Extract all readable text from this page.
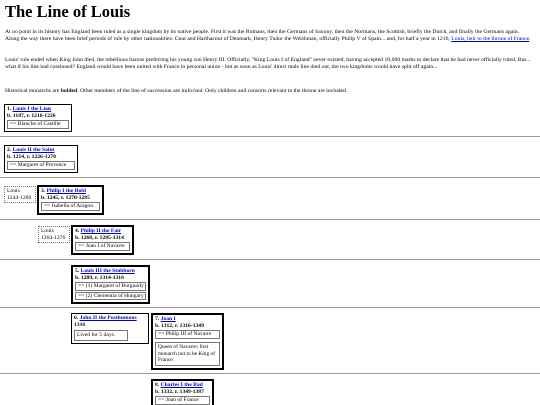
The Line of Louis

At no point in its history has England been ruled as a single kingdom by its native people. First it was the Romans, then the Germans of Saxony, then the Normans, the Scottish, briefly the Dutch, and finally the Germans again. Along the way there have been brief periods of rule by other nationalities: Cnut and Harthacnut of Denmark, Henry Tudor the Welshman, officially Philip V of Spain... and, for half a year in 1216, Louis, heir to the throne of France.

Louis' rule ended when King John died, the rebellious barons preferring his young son Henry III. Officially, "King Louis I of England" never existed, having accepted 10,000 marks to declare that he had never officially ruled. But... what if his line had continued? England would have been united with France in personal union - but as soon as Louis' direct male line died out, the two kingdoms would have split off again...

Historical monarchs are bolded. Other members of the line of succession are italicised. Only children and consorts relevant to the throne are included.

1. Louis I the Lion
b. 1187, r. 1216-1226
== Blanche of Castille
2. Louis II the Saint
b. 1214, r. 1226-1270
== Margaret of Provence
Louis
1244-1260
3. Philip I the Bold
b. 1245, r. 1270-1285
== Isabella of Aragon
Louis
1264-1276
4. Philip II the Fair
b. 1268, r. 1285-1314
== Joan I of Navarre
5. Louis III the Stubborn
b. 1289, r. 1314-1316
== (1) Margaret of Burgundy
== (2) Clementia of Hungary
6. John II the Posthumous
1316
Lived for 5 days.
7. Joan I
b. 1312, r. 1316-1349
== Philip III of Navarre
Queen of Navarre; first monarch not to be King of France.
8. Charles I the Bad
b. 1332, r. 1349-1387
== Joan of France
